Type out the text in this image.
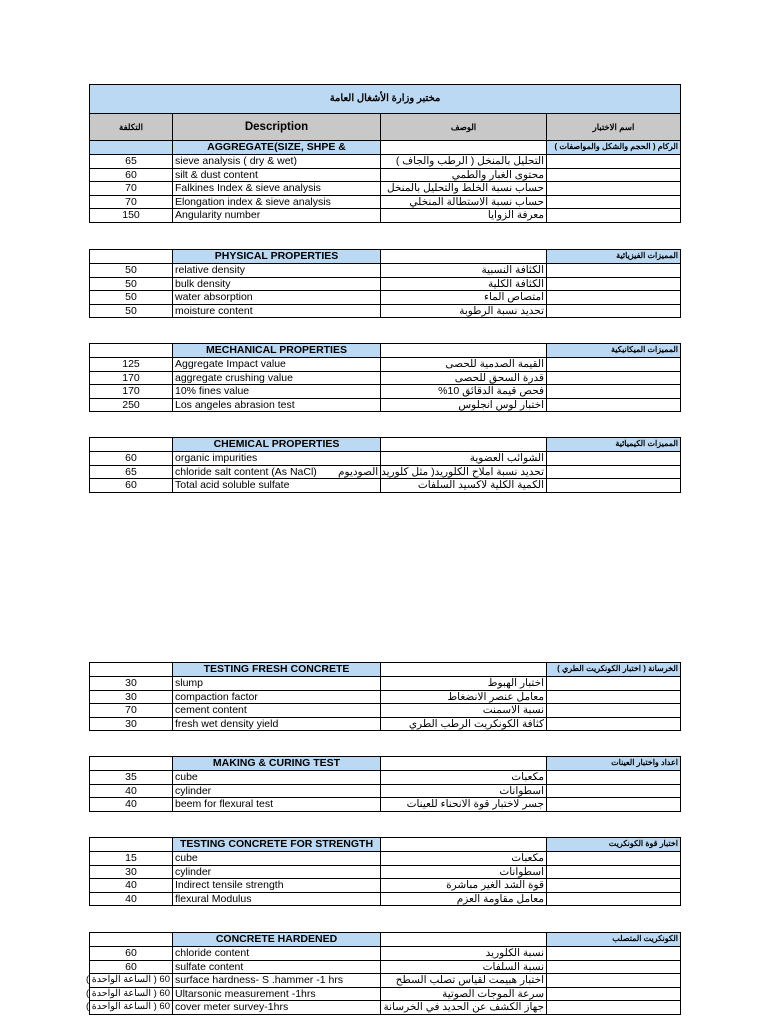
مختبر وزارة الأشغال العامة			
التكلفة	Description	الوصف	اسم الاختبار
	AGGREGATE(SIZE, SHPE &		الركام ( الحجم والشكل والمواصفات )
65	sieve analysis ( dry & wet)	التحليل بالمنخل ( الرطب والجاف )	
60	silt & dust content	محتوى الغبار والطمي	
70	Falkines Index & sieve analysis	حساب نسبة الخلط والتحليل بالمنخل	
70	Elongation index & sieve analysis	حساب نسبة الاستطالة المنخلي	
150	Angularity number	معرفة الزوايا	
	PHYSICAL PROPERTIES		المميزات الفيزيائية
50	relative density	الكثافة النسبية	
50	bulk density	الكثافة الكلية	
50	water absorption	امتصاص الماء	
50	moisture content	تحديد نسبة الرطوبة	
	MECHANICAL PROPERTIES		المميزات الميكانيكية
125	Aggregate Impact value	القيمة الصدمية للحصى	
170	aggregate crushing value	قدرة السحق للحصى	
170	10% fines value	فحص قيمة الدقائق 10%	
250	Los angeles abrasion test	اختبار لوس انجلوس	
	CHEMICAL PROPERTIES		المميزات الكيميائية
60	organic impurities	الشوائب العضوية	
65	chloride salt content (As NaCl)	تحديد نسبة املاح الكلوريد( مثل كلوريد الصوديوم	
60	Total acid soluble sulfate	الكمية الكلية لاكسيد السلفات	
	TESTING FRESH CONCRETE		الخرسانة ( اختبار الكونكريت الطري )
30	slump	اختبار الهبوط	
30	compaction factor	معامل عنصر الانضغاط	
70	cement content	نسبة الاسمنت	
30	fresh wet density yield	كثافة الكونكريت الرطب الطري	
	MAKING & CURING TEST		اعداد واختبار العينات
35	cube	مكعبات	
40	cylinder	اسطوانات	
40	beem for flexural test	جسر لاختبار قوة الانحناء للعينات	
	TESTING CONCRETE FOR STRENGTH		اختبار قوة الكونكريت
15	cube	مكعبات	
30	cylinder	اسطوانات	
40	Indirect tensile strength	قوة الشد الغير مباشرة	
40	flexural Modulus	معامل مقاومة العزم	
	CONCRETE HARDENED		الكونكريت المتصلب
60	chloride content	نسبة الكلوريد	
60	sulfate content	نسبة السلفات	
60 ( الساعة الواحدة )	surface hardness- S .hammer -1 hrs	اختبار هبيمت لقياس تصلب السطح	
60 ( الساعة الواحدة )	Ultarsonic measurement -1hrs	سرعة الموجات الصوتية	
60 ( الساعة الواحدة )	cover meter survey-1hrs	جهاز الكشف عن الحديد في الخرسانة	
